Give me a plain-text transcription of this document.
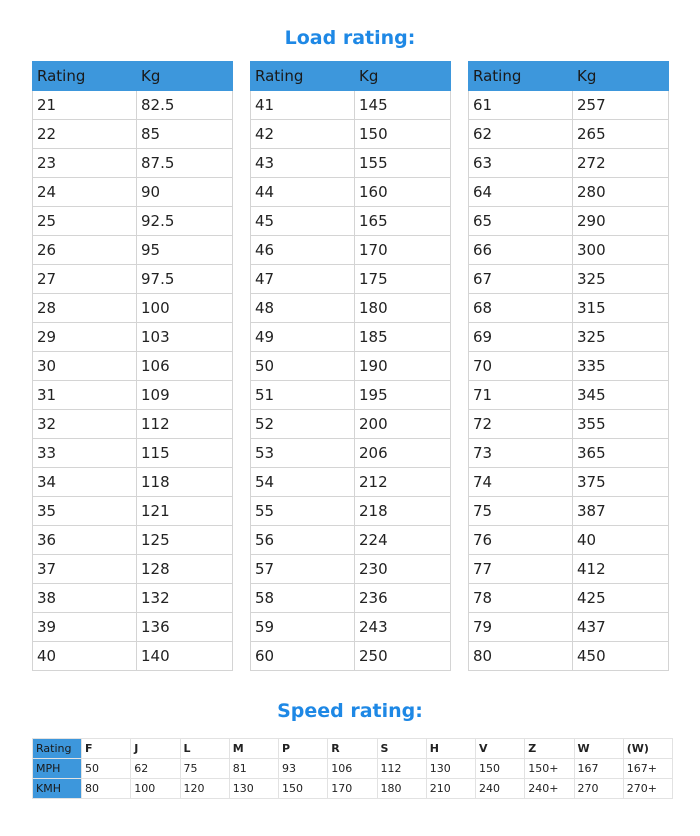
Load rating:
Rating	Kg
21	82.5
22	85
23	87.5
24	90
25	92.5
26	95
27	97.5
28	100
29	103
30	106
31	109
32	112
33	115
34	118
35	121
36	125
37	128
38	132
39	136
40	140
Rating	Kg
41	145
42	150
43	155
44	160
45	165
46	170
47	175
48	180
49	185
50	190
51	195
52	200
53	206
54	212
55	218
56	224
57	230
58	236
59	243
60	250
Rating	Kg
61	257
62	265
63	272
64	280
65	290
66	300
67	325
68	315
69	325
70	335
71	345
72	355
73	365
74	375
75	387
76	40
77	412
78	425
79	437
80	450
Speed rating:
Rating	F	J	L	M	P	R	S	H	V	Z	W	(W)
MPH	50	62	75	81	93	106	112	130	150	150+	167	167+
KMH	80	100	120	130	150	170	180	210	240	240+	270	270+
